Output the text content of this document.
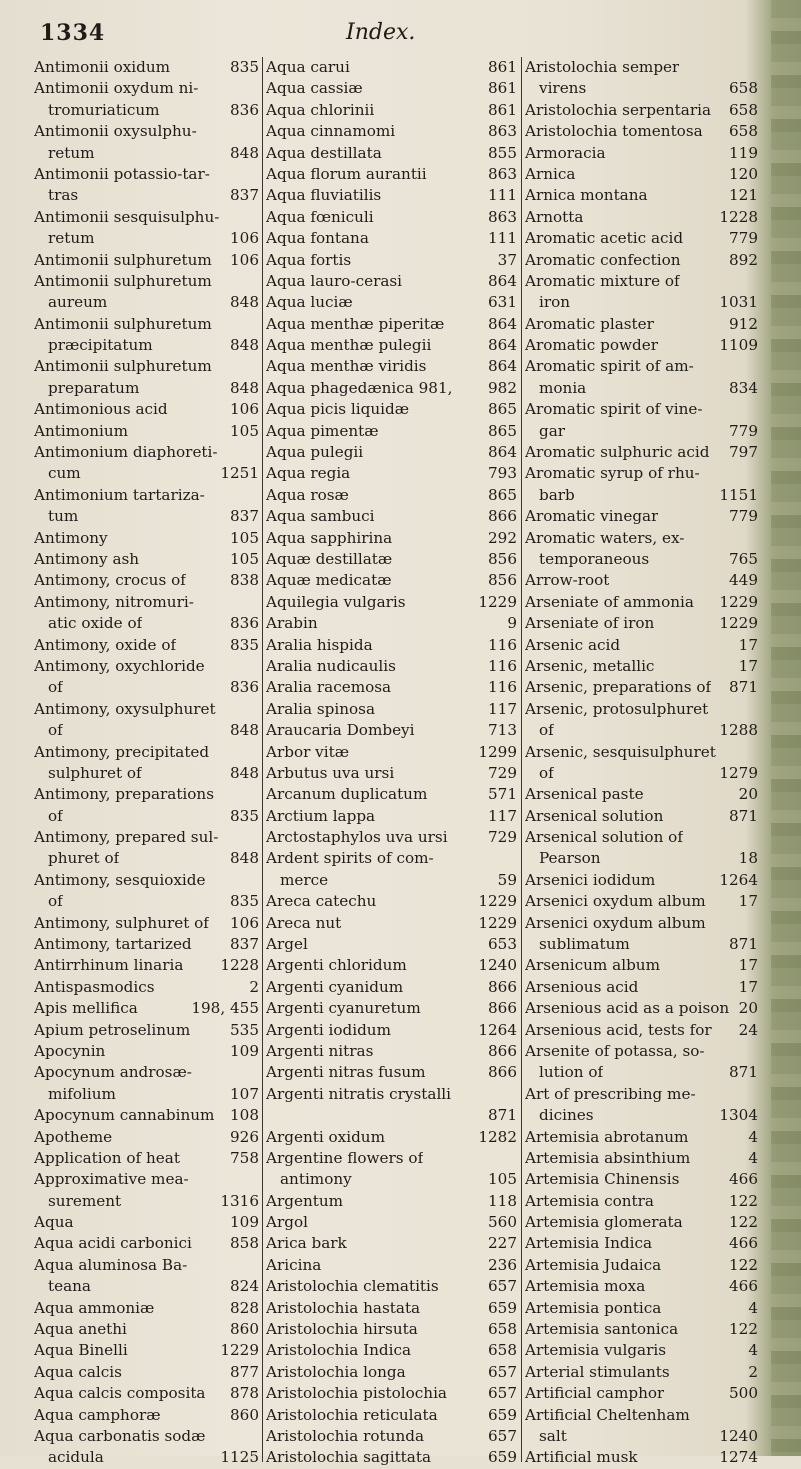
1334	Index.
Antimonii oxidum	835
Antimonii oxydum ni-
tromuriaticum	836
Antimonii oxysulphu-
retum	848
Antimonii potassio-tar-
tras	837
Antimonii sesquisulphu-
retum	106
Antimonii sulphuretum 106
Antimonii sulphuretum
aureum	848
Antimonii sulphuretum
præcipitatum	848
Antimonii sulphuretum
preparatum	848
Antimonious acid	106
Antimonium	105
Antimonium diaphoreti-
cum	1251
Antimonium tartariza-
tum	837
Antimony	105
Antimony ash	105
Antimony, crocus of	838
Antimony, nitromuri-
atic oxide of	836
Antimony, oxide of	835
Antimony, oxychloride
of	836
Antimony, oxysulphuret
of	848
Antimony, precipitated
sulphuret of	848
Antimony, preparations
of	835
Antimony, prepared sul-
phuret of	848
Antimony, sesquioxide
of	835
Antimony, sulphuret of 106
Antimony, tartarized	837
Antirrhinum linaria 1228
Antispasmodics	2
Apis mellifica	198, 455
Apium petroselinum	535
Apocynin	109
Apocynum androsæ-
mifolium	107
Apocynum cannabinum 108
Apotheme	926
Application of heat	758
Approximative mea-
surement	1316
Aqua	109
Aqua acidi carbonici	858
Aqua aluminosa Ba-
teana	824
Aqua ammoniæ	828
Aqua anethi	860
Aqua Binelli	1229
Aqua calcis	877
Aqua calcis composita 878
Aqua camphoræ	860
Aqua carbonatis sodæ
acidula	1125
Aqua carui	861
Aqua cassiæ	861
Aqua chlorinii	861
Aqua cinnamomi	863
Aqua destillata	855
Aqua florum aurantii	863
Aqua fluviatilis	111
Aqua fœniculi	863
Aqua fontana	111
Aqua fortis	37
Aqua lauro-cerasi	864
Aqua luciæ	631
Aqua menthæ piperitæ	864
Aqua menthæ pulegii	864
Aqua menthæ viridis	864
Aqua phagedænica 981, 982
Aqua picis liquidæ	865
Aqua pimentæ	865
Aqua pulegii	864
Aqua regia	793
Aqua rosæ	865
Aqua sambuci	866
Aqua sapphirina	292
Aquæ destillatæ	856
Aquæ medicatæ	856
Aquilegia vulgaris	1229
Arabin	9
Aralia hispida	116
Aralia nudicaulis	116
Aralia racemosa	116
Aralia spinosa	117
Araucaria Dombeyi	713
Arbor vitæ	1299
Arbutus uva ursi	729
Arcanum duplicatum	571
Arctium lappa	117
Arctostaphylos uva ursi	729
Ardent spirits of com-
merce	59
Areca catechu	1229
Areca nut	1229
Argel	653
Argenti chloridum	1240
Argenti cyanidum	866
Argenti cyanuretum	866
Argenti iodidum	1264
Argenti nitras	866
Argenti nitras fusum	866
Argenti nitratis crystalli
871
Argenti oxidum	1282
Argentine flowers of
antimony	105
Argentum	118
Argol	560
Arica bark	227
Aricina	236
Aristolochia clematitis	657
Aristolochia hastata	659
Aristolochia hirsuta	658
Aristolochia Indica	658
Aristolochia longa	657
Aristolochia pistolochia	657
Aristolochia reticulata	659
Aristolochia rotunda	657
Aristolochia sagittata	659
Aristolochia semper
virens	658
Aristolochia serpentaria 658
Aristolochia tomentosa 658
Armoracia	119
Arnica	120
Arnica montana	121
Arnotta	1228
Aromatic acetic acid	779
Aromatic confection	892
Aromatic mixture of
iron	1031
Aromatic plaster	912
Aromatic powder	1109
Aromatic spirit of am-
monia	834
Aromatic spirit of vine-
gar	779
Aromatic sulphuric acid 797
Aromatic syrup of rhu-
barb	1151
Aromatic vinegar	779
Aromatic waters, ex-
temporaneous	765
Arrow-root	449
Arseniate of ammonia 1229
Arseniate of iron	1229
Arsenic acid	17
Arsenic, metallic	17
Arsenic, preparations of 871
Arsenic, protosulphuret
of	1288
Arsenic, sesquisulphuret
of	1279
Arsenical paste	20
Arsenical solution	871
Arsenical solution of
Pearson	18
Arsenici iodidum	1264
Arsenici oxydum album 17
Arsenici oxydum album
sublimatum	871
Arsenicum album	17
Arsenious acid	17
Arsenious acid as a poison 20
Arsenious acid, tests for 24
Arsenite of potassa, so-
lution of	871
Art of prescribing me-
dicines	1304
Artemisia abrotanum	4
Artemisia absinthium	4
Artemisia Chinensis	466
Artemisia contra	122
Artemisia glomerata	122
Artemisia Indica	466
Artemisia Judaica	122
Artemisia moxa	466
Artemisia pontica	4
Artemisia santonica	122
Artemisia vulgaris	4
Arterial stimulants	2
Artificial camphor	500
Artificial Cheltenham
salt	1240
Artificial musk	1274
